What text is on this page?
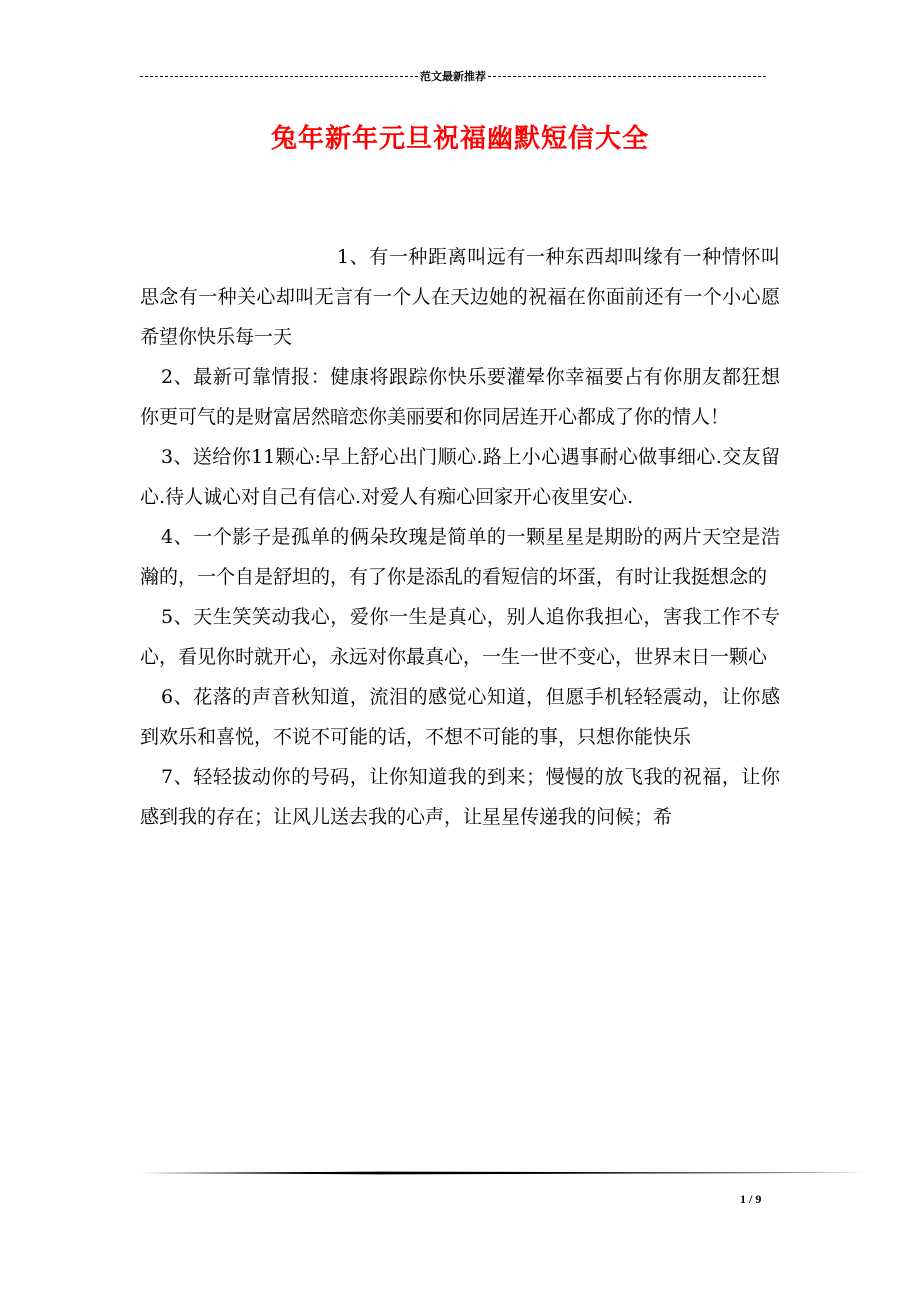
范文最新推荐
兔年新年元旦祝福幽默短信大全

1、有一种距离叫远有一种东西却叫缘有一种情怀叫思念有一种关心却叫无言有一个人在天边她的祝福在你面前还有一个小心愿希望你快乐每一天

2、最新可靠情报：健康将跟踪你快乐要灌晕你幸福要占有你朋友都狂想你更可气的是财富居然暗恋你美丽要和你同居连开心都成了你的情人！

3、送给你11颗心:早上舒心出门顺心.路上小心遇事耐心做事细心.交友留心.待人诚心对自己有信心.对爱人有痴心回家开心夜里安心.

4、一个影子是孤单的俩朵玫瑰是简单的一颗星星是期盼的两片天空是浩瀚的，一个自是舒坦的，有了你是添乱的看短信的坏蛋，有时让我挺想念的

5、天生笑笑动我心，爱你一生是真心，别人追你我担心，害我工作不专心，看见你时就开心，永远对你最真心，一生一世不变心，世界末日一颗心

6、花落的声音秋知道，流泪的感觉心知道，但愿手机轻轻震动，让你感到欢乐和喜悦，不说不可能的话，不想不可能的事，只想你能快乐

7、轻轻拔动你的号码，让你知道我的到来；慢慢的放飞我的祝福，让你感到我的存在；让风儿送去我的心声，让星星传递我的问候；希

1 / 9
